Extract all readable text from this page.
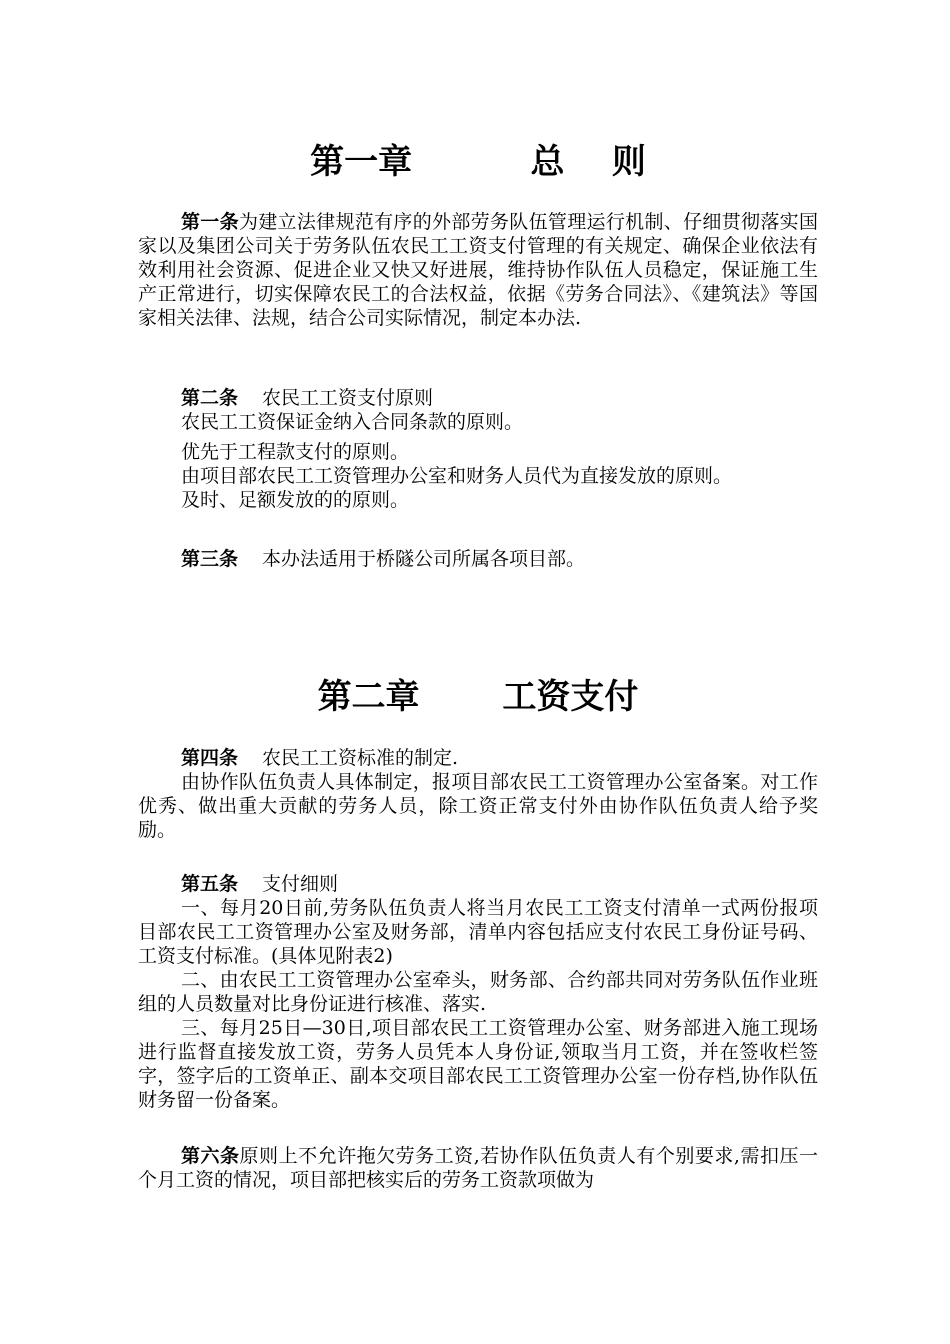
第一章          总    则

第一条为建立法律规范有序的外部劳务队伍管理运行机制、仔细贯彻落实国家以及集团公司关于劳务队伍农民工工资支付管理的有关规定、确保企业依法有效利用社会资源、促进企业又快又好进展，维持协作队伍人员稳定，保证施工生产正常进行，切实保障农民工的合法权益，依据《劳务合同法》、《建筑法》等国家相关法律、法规，结合公司实际情况，制定本办法.

第二条 农民工工资支付原则

农民工工资保证金纳入合同条款的原则。

优先于工程款支付的原则。

由项目部农民工工资管理办公室和财务人员代为直接发放的原则。

及时、足额发放的的原则。

第三条 本办法适用于桥隧公司所属各项目部。

第二章       工资支付

第四条 农民工工资标准的制定.

由协作队伍负责人具体制定，报项目部农民工工资管理办公室备案。对工作优秀、做出重大贡献的劳务人员，除工资正常支付外由协作队伍负责人给予奖励。

第五条 支付细则

一、每月20日前,劳务队伍负责人将当月农民工工资支付清单一式两份报项目部农民工工资管理办公室及财务部，清单内容包括应支付农民工身份证号码、工资支付标准。(具体见附表2)

二、由农民工工资管理办公室牵头，财务部、合约部共同对劳务队伍作业班组的人员数量对比身份证进行核准、落实.

三、每月25日—30日,项目部农民工工资管理办公室、财务部进入施工现场进行监督直接发放工资，劳务人员凭本人身份证,领取当月工资，并在签收栏签字，签字后的工资单正、副本交项目部农民工工资管理办公室一份存档,协作队伍财务留一份备案。

第六条原则上不允许拖欠劳务工资,若协作队伍负责人有个别要求,需扣压一个月工资的情况，项目部把核实后的劳务工资款项做为
